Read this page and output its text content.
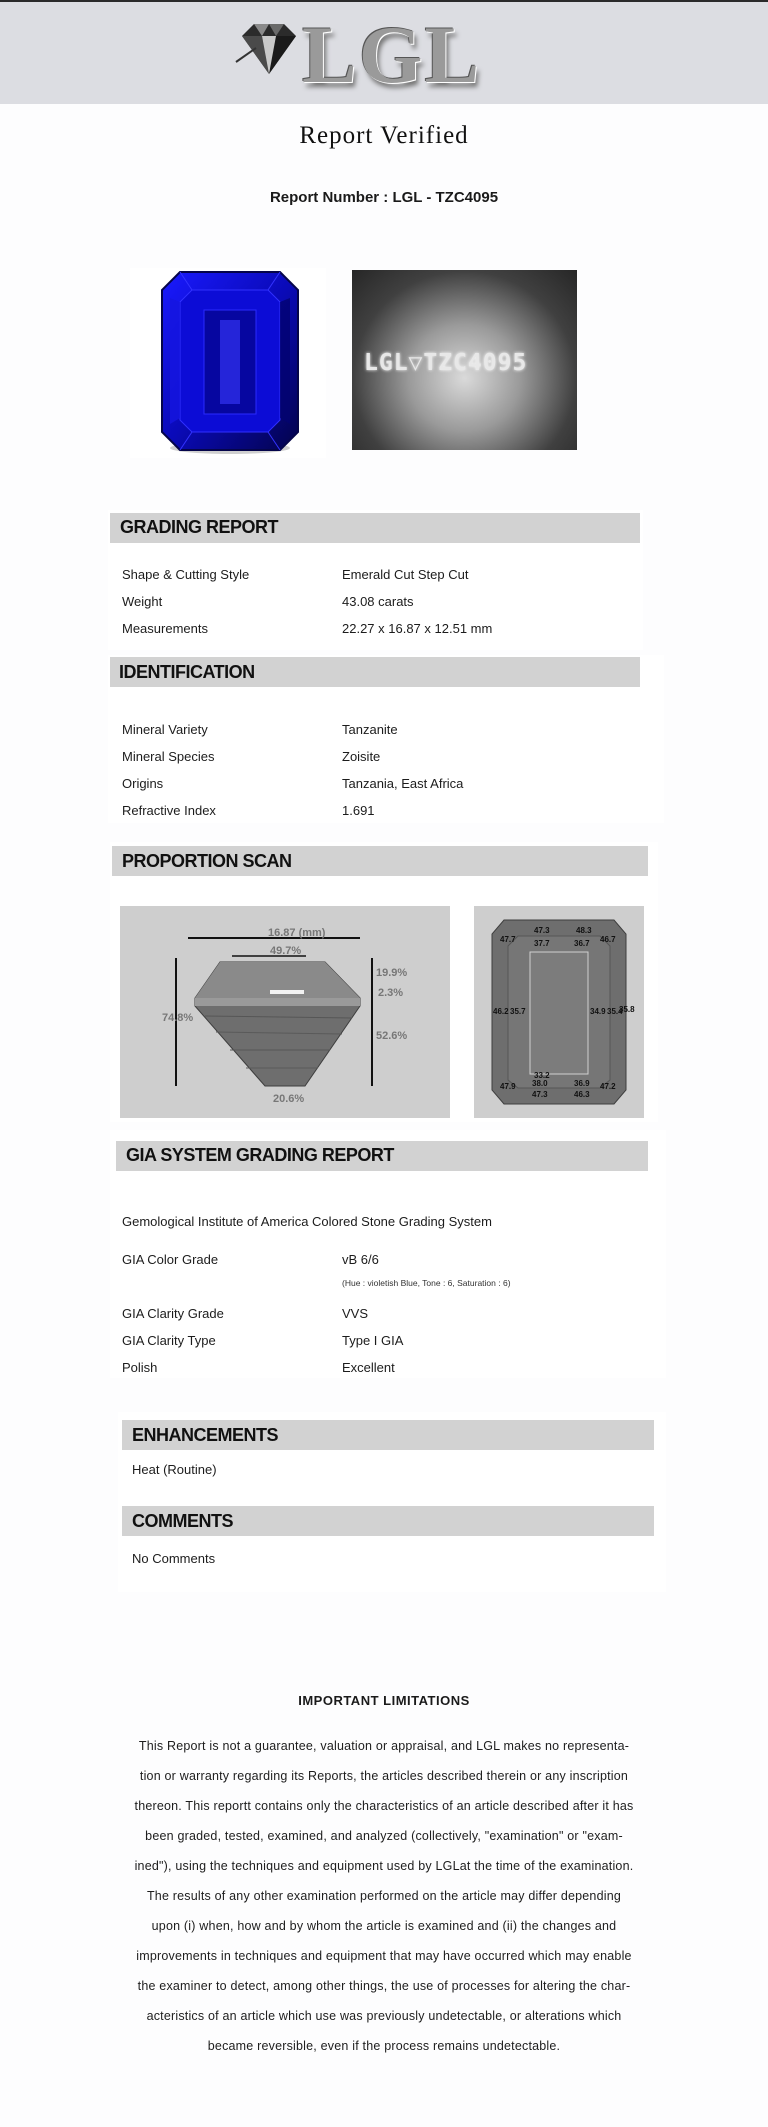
LGL
Report Verified
Report Number : LGL - TZC4095
LGL▽TZC4095
GRADING REPORT
Shape & Cutting Style	Emerald Cut Step Cut
Weight	43.08 carats
Measurements	22.27 x 16.87 x 12.51 mm
IDENTIFICATION
Mineral Variety	Tanzanite
Mineral Species	Zoisite
Origins	Tanzania, East Africa
Refractive Index	1.691
PROPORTION SCAN
16.87 (mm)
49.7%
74.8%
19.9%
2.3%
52.6%
20.6%
47.7
47.3	48.3
46.7
37.7	36.7
46.2 35.7	34.9 35.4
35.8
33.2
38.0	36.9
47.9
47.3	46.3
47.2
GIA SYSTEM GRADING REPORT
Gemological Institute of America Colored Stone Grading System
GIA Color Grade	vB 6/6
(Hue : violetish Blue, Tone : 6, Saturation : 6)
GIA Clarity Grade	VVS
GIA Clarity Type	Type I GIA
Polish	Excellent
ENHANCEMENTS
Heat (Routine)
COMMENTS
No Comments
IMPORTANT LIMITATIONS
This Report is not a guarantee, valuation or appraisal, and LGL makes no representa-
tion or warranty regarding its Reports, the articles described therein or any inscription
thereon. This reportt contains only the characteristics of an article described after it has
been graded, tested, examined, and analyzed (collectively, "examination" or "exam-
ined"), using the techniques and equipment used by LGLat the time of the examination.
The results of any other examination performed on the article may differ depending
upon (i) when, how and by whom the article is examined and (ii) the changes and
improvements in techniques and equipment that may have occurred which may enable
the examiner to detect, among other things, the use of processes for altering the char-
acteristics of an article which use was previously undetectable, or alterations which
became reversible, even if the process remains undetectable.
